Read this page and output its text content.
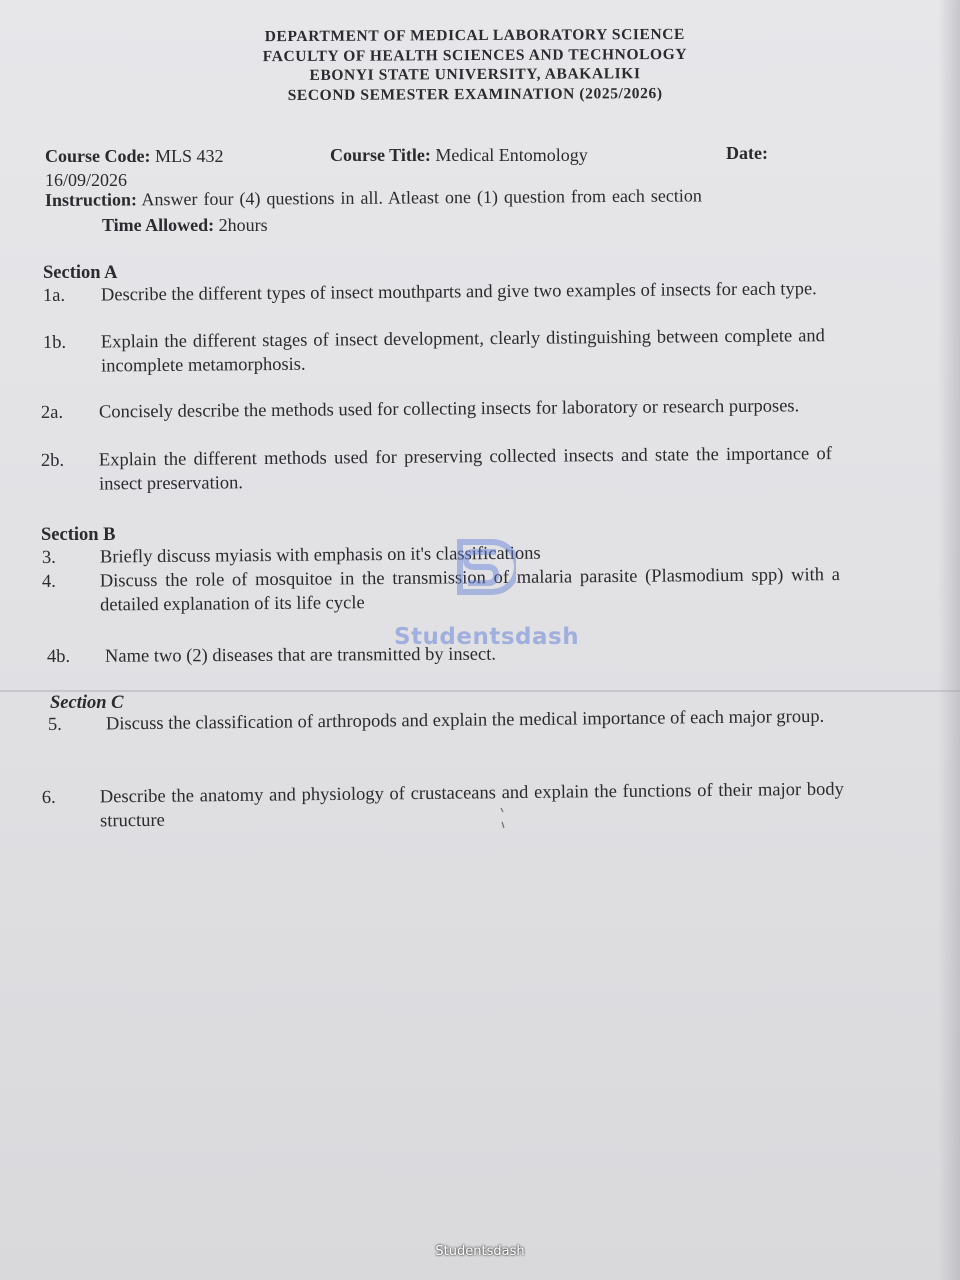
DEPARTMENT OF MEDICAL LABORATORY SCIENCE
FACULTY OF HEALTH SCIENCES AND TECHNOLOGY
EBONYI STATE UNIVERSITY, ABAKALIKI
SECOND SEMESTER EXAMINATION (2025/2026)
Course Code: MLS 432	Course Title: Medical Entomology	Date:
16/09/2026
Instruction: Answer four (4) questions in all. Atleast one (1) question from each section
Time Allowed: 2hours
Section A
1a.	Describe the different types of insect mouthparts and give two examples of insects for each type.
1b.	Explain the different stages of insect development, clearly distinguishing between complete and incomplete metamorphosis.
2a.	Concisely describe the methods used for collecting insects for laboratory or research purposes.
2b.	Explain the different methods used for preserving collected insects and state the importance of insect preservation.
Section B
3.	Briefly discuss myiasis with emphasis on it's classifications
4.	Discuss the role of mosquitoe in the transmission of malaria parasite (Plasmodium spp) with a detailed explanation of its life cycle
4b.	Name two (2) diseases that are transmitted by insect.
Section C
5.	Discuss the classification of arthropods and explain the medical importance of each major group.
6.	Describe the anatomy and physiology of crustaceans and explain the functions of their major body structure
Studentsdash
Studentsdash
